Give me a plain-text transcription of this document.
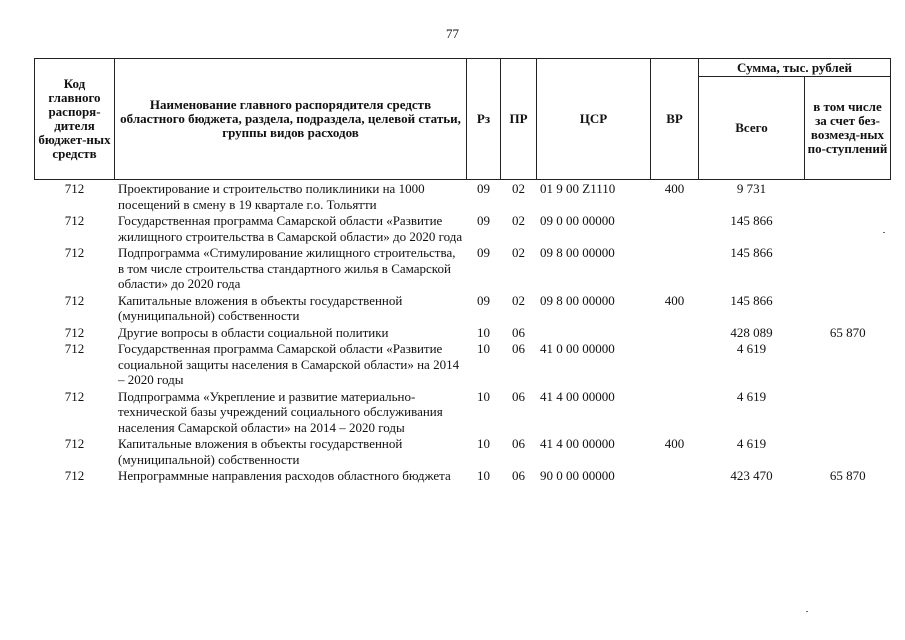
77
Код главного распоря-дителя бюджет-ных средств	Наименование главного распорядителя средств областного бюджета, раздела, подраздела, целевой статьи, группы видов расходов	Рз	ПР	ЦСР	ВР	Сумма, тыс. рублей	
						Всего	в том числе за счет без-возмезд-ных по-ступлений
712	Проектирование и строительство поликлиники на 1000 посещений в смену в 19 квартале г.о. Тольятти	09	02	01 9 00 Z1110	400	9 731	
712	Государственная программа Самарской области «Развитие жилищного строительства в Самарской области» до 2020 года	09	02	09 0 00 00000		145 866	
712	Подпрограмма «Стимулирование жилищного строительства, в том числе строительства стандартного жилья в Самарской области» до 2020 года	09	02	09 8 00 00000		145 866	
712	Капитальные вложения в объекты государственной (муниципальной) собственности	09	02	09 8 00 00000	400	145 866	
712	Другие вопросы в области социальной политики	10	06			428 089	65 870
712	Государственная программа Самарской области «Развитие социальной защиты населения в Самарской области» на 2014 – 2020 годы	10	06	41 0 00 00000		4 619	
712	Подпрограмма «Укрепление и развитие материально-технической базы учреждений социального обслуживания населения Самарской области» на 2014 – 2020 годы	10	06	41 4 00 00000		4 619	
712	Капитальные вложения в объекты государственной (муниципальной) собственности	10	06	41 4 00 00000	400	4 619	
712	Непрограммные направления расходов областного бюджета	10	06	90 0 00 00000		423 470	65 870
